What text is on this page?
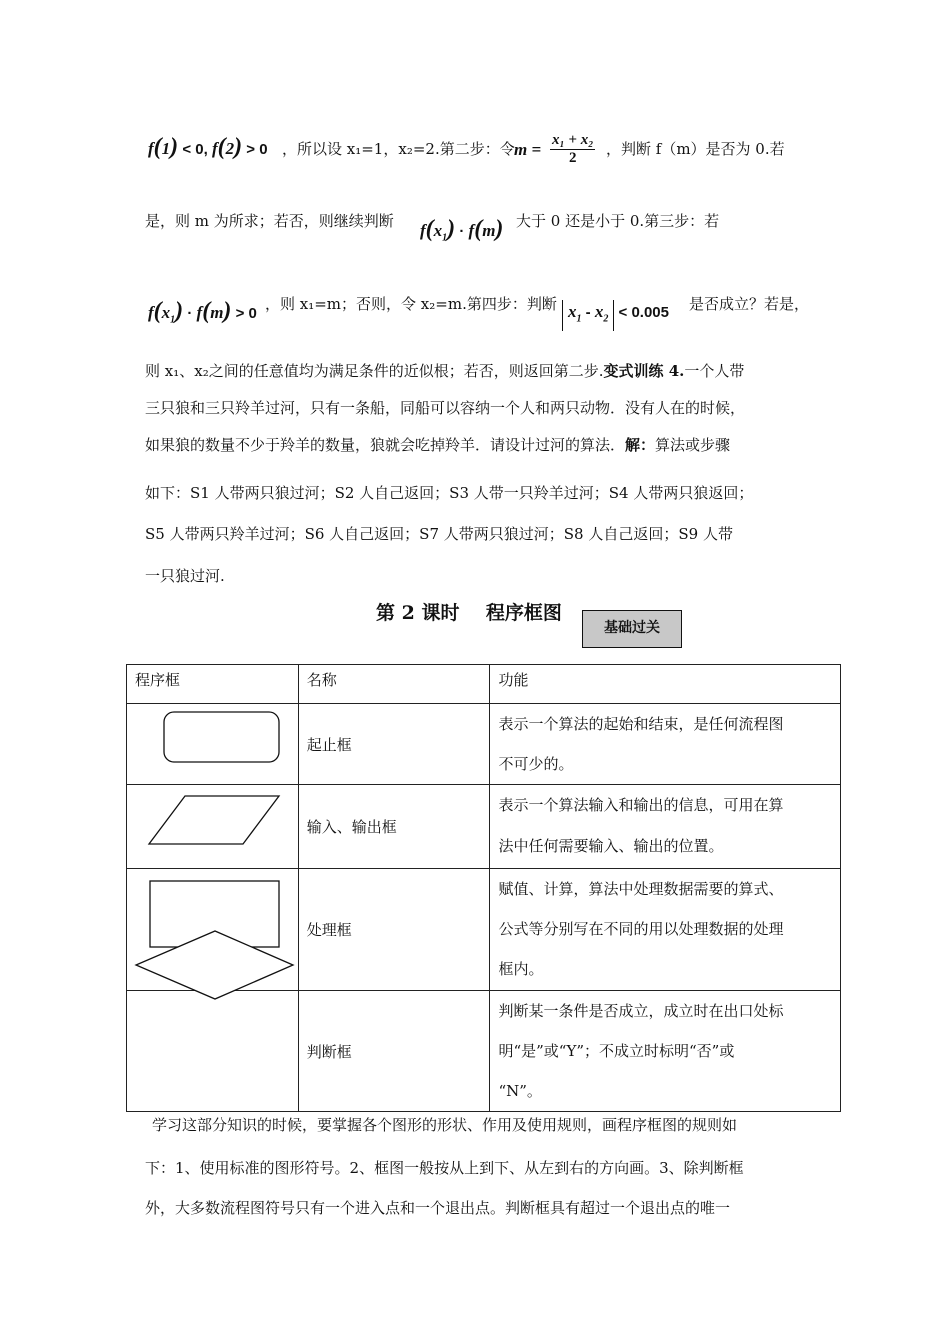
f(1) < 0, f(2) > 0 ，所以设 x₁=1，x₂=2.第二步：令 $m = \frac{\text{x₁ + x₂}}{2}$ ，判断 f（m）是否为 0.若
是，则 m 为所求；若否，则继续判断 $f(x_1) \cdot f(m)$ 大于 0 还是小于 0.第三步：若
$f(x_1) \cdot f(m) > 0$
，则 x₁=m；否则，令 x₂=m.第四步：判断 $x_1 - x_2 < 0.005$ 是否成立？若是，
则 x₁、x₂之间的任意值均为满足条件的近似根；若否，则返回第二步.变式训练 4.一个人带
三只狼和三只羚羊过河，只有一条船，同船可以容纳一个人和两只动物．没有人在的时候，
如果狼的数量不少于羚羊的数量，狼就会吃掉羚羊．请设计过河的算法．解：算法或步骤
如下：S1 人带两只狼过河；S2 人自己返回；S3 人带一只羚羊过河；S4 人带两只狼返回；
S5 人带两只羚羊过河；S6 人自己返回；S7 人带两只狼过河；S8 人自己返回；S9 人带
一只狼过河.
第 2 课时    程序框图
基础过关
程序框	名称	功能

	起止框	表示一个算法的起始和结束，是任何流程图
不可少的。

	输入、输出框	表示一个算法输入和输出的信息，可用在算
法中任何需要输入、输出的位置。

	处理框	赋值、计算，算法中处理数据需要的算式、
公式等分别写在不同的用以处理数据的处理
框内。

	判断框	判断某一条件是否成立，成立时在出口处标
明“是”或“Y”；不成立时标明“否”或
“N”。
学习这部分知识的时候，要掌握各个图形的形状、作用及使用规则，画程序框图的规则如
下：1、使用标准的图形符号。2、框图一般按从上到下、从左到右的方向画。3、除判断框
外，大多数流程图符号只有一个进入点和一个退出点。判断框具有超过一个退出点的唯一
